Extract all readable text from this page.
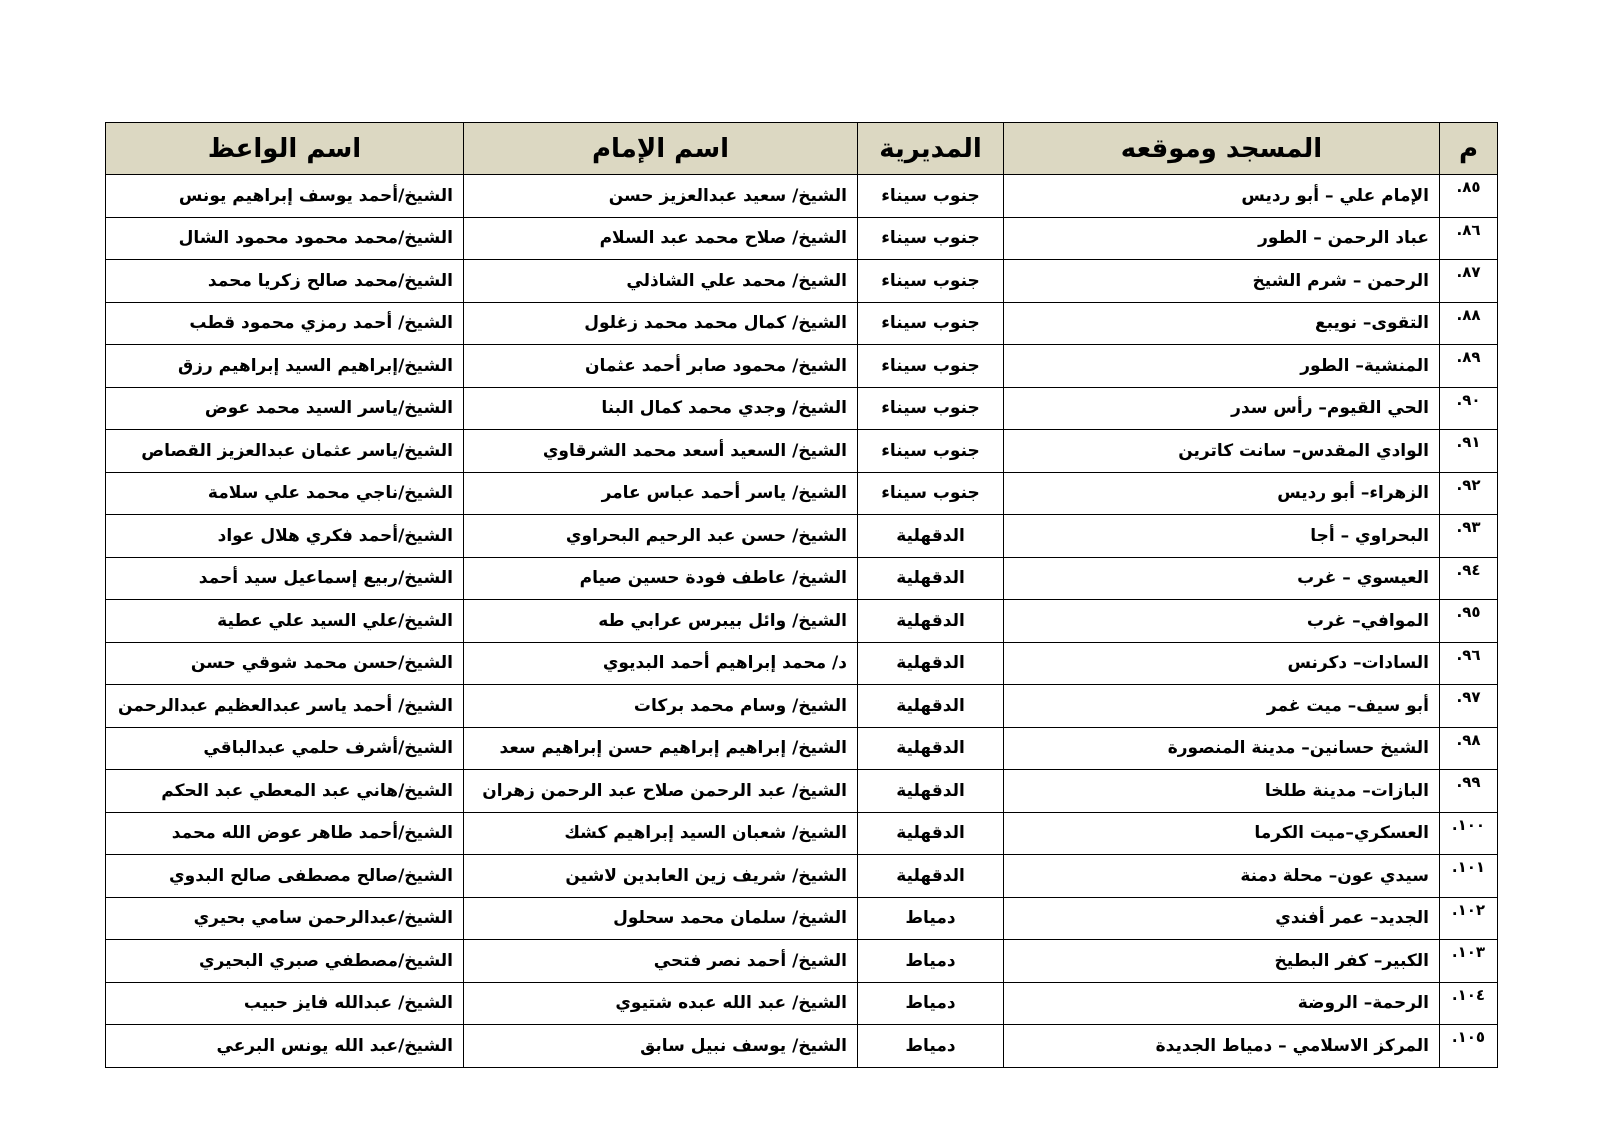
م	المسجد وموقعه	المديرية	اسم الإمام	اسم الواعظ
٨٥.	الإمام علي – أبو رديس	جنوب سيناء	الشيخ/ سعيد عبدالعزيز حسن	الشيخ/أحمد يوسف إبراهيم يونس
٨٦.	عباد الرحمن – الطور	جنوب سيناء	الشيخ/ صلاح محمد عبد السلام	الشيخ/محمد محمود محمود الشال
٨٧.	الرحمن – شرم الشيخ	جنوب سيناء	الشيخ/ محمد علي الشاذلي	الشيخ/محمد صالح زكريا محمد
٨٨.	التقوى– نويبع	جنوب سيناء	الشيخ/ كمال محمد محمد زغلول	الشيخ/ أحمد رمزي محمود قطب
٨٩.	المنشية– الطور	جنوب سيناء	الشيخ/ محمود صابر أحمد عثمان	الشيخ/إبراهيم السيد إبراهيم رزق
٩٠.	الحي القيوم– رأس سدر	جنوب سيناء	الشيخ/ وجدي محمد كمال البنا	الشيخ/ياسر السيد محمد عوض
٩١.	الوادي المقدس– سانت كاترين	جنوب سيناء	الشيخ/ السعيد أسعد محمد الشرقاوي	الشيخ/ياسر عثمان عبدالعزيز القصاص
٩٢.	الزهراء– أبو رديس	جنوب سيناء	الشيخ/ ياسر أحمد عباس عامر	الشيخ/ناجي محمد علي سلامة
٩٣.	البحراوي – أجا	الدقهلية	الشيخ/ حسن عبد الرحيم البحراوي	الشيخ/أحمد فكري هلال عواد
٩٤.	العيسوي – غرب	الدقهلية	الشيخ/ عاطف فودة حسين صيام	الشيخ/ربيع إسماعيل سيد أحمد
٩٥.	الموافي– غرب	الدقهلية	الشيخ/ وائل بيبرس عرابي طه	الشيخ/علي السيد علي عطية
٩٦.	السادات– دكرنس	الدقهلية	د/ محمد إبراهيم أحمد البديوي	الشيخ/حسن محمد شوقي حسن
٩٧.	أبو سيف– ميت غمر	الدقهلية	الشيخ/ وسام محمد بركات	الشيخ/ أحمد ياسر عبدالعظيم عبدالرحمن
٩٨.	الشيخ حسانين– مدينة المنصورة	الدقهلية	الشيخ/ إبراهيم إبراهيم حسن إبراهيم سعد	الشيخ/أشرف حلمي عبدالباقي
٩٩.	البازات– مدينة طلخا	الدقهلية	الشيخ/ عبد الرحمن صلاح عبد الرحمن زهران	الشيخ/هاني عبد المعطي عبد الحكم
١٠٠.	العسكري–ميت الكرما	الدقهلية	الشيخ/ شعبان السيد إبراهيم كشك	الشيخ/أحمد طاهر عوض الله محمد
١٠١.	سيدي عون– محلة دمنة	الدقهلية	الشيخ/ شريف زين العابدين لاشين	الشيخ/صالح مصطفى صالح البدوي
١٠٢.	الجديد– عمر أفندي	دمياط	الشيخ/ سلمان محمد سحلول	الشيخ/عبدالرحمن سامي بحيري
١٠٣.	الكبير– كفر البطيخ	دمياط	الشيخ/ أحمد نصر فتحي	الشيخ/مصطفي صبري البحيري
١٠٤.	الرحمة– الروضة	دمياط	الشيخ/ عبد الله عبده شتيوي	الشيخ/ عبدالله فايز حبيب
١٠٥.	المركز الاسلامي – دمياط الجديدة	دمياط	الشيخ/ يوسف نبيل سابق	الشيخ/عبد الله يونس البرعي
